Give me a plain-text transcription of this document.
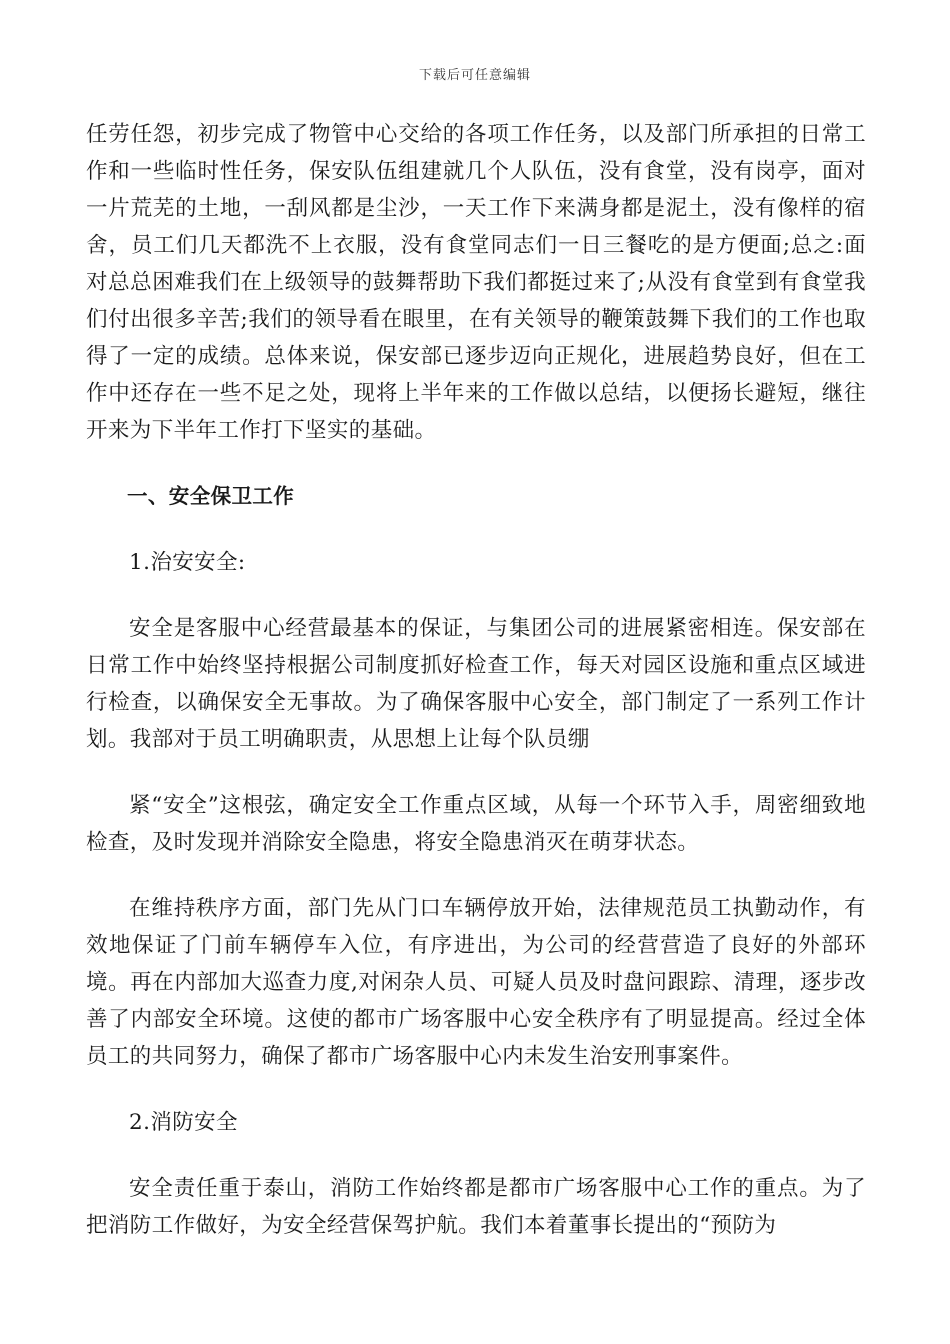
下载后可任意编辑

任劳任怨，初步完成了物管中心交给的各项工作任务，以及部门所承担的日常工作和一些临时性任务，保安队伍组建就几个人队伍，没有食堂，没有岗亭，面对一片荒芜的土地，一刮风都是尘沙，一天工作下来满身都是泥土，没有像样的宿舍，员工们几天都洗不上衣服，没有食堂同志们一日三餐吃的是方便面;总之:面对总总困难我们在上级领导的鼓舞帮助下我们都挺过来了;从没有食堂到有食堂我们付出很多辛苦;我们的领导看在眼里，在有关领导的鞭策鼓舞下我们的工作也取得了一定的成绩。总体来说，保安部已逐步迈向正规化，进展趋势良好，但在工作中还存在一些不足之处，现将上半年来的工作做以总结，以便扬长避短，继往开来为下半年工作打下坚实的基础。

一、安全保卫工作

1.治安安全:

安全是客服中心经营最基本的保证，与集团公司的进展紧密相连。保安部在日常工作中始终坚持根据公司制度抓好检查工作，每天对园区设施和重点区域进行检查，以确保安全无事故。为了确保客服中心安全，部门制定了一系列工作计划。我部对于员工明确职责，从思想上让每个队员绷

紧“安全”这根弦，确定安全工作重点区域，从每一个环节入手，周密细致地检查，及时发现并消除安全隐患，将安全隐患消灭在萌芽状态。

在维持秩序方面，部门先从门口车辆停放开始，法律规范员工执勤动作，有效地保证了门前车辆停车入位，有序进出，为公司的经营营造了良好的外部环境。再在内部加大巡查力度,对闲杂人员、可疑人员及时盘问跟踪、清理，逐步改善了内部安全环境。这使的都市广场客服中心安全秩序有了明显提高。经过全体员工的共同努力，确保了都市广场客服中心内未发生治安刑事案件。

2.消防安全

安全责任重于泰山，消防工作始终都是都市广场客服中心工作的重点。为了把消防工作做好，为安全经营保驾护航。我们本着董事长提出的“预防为
